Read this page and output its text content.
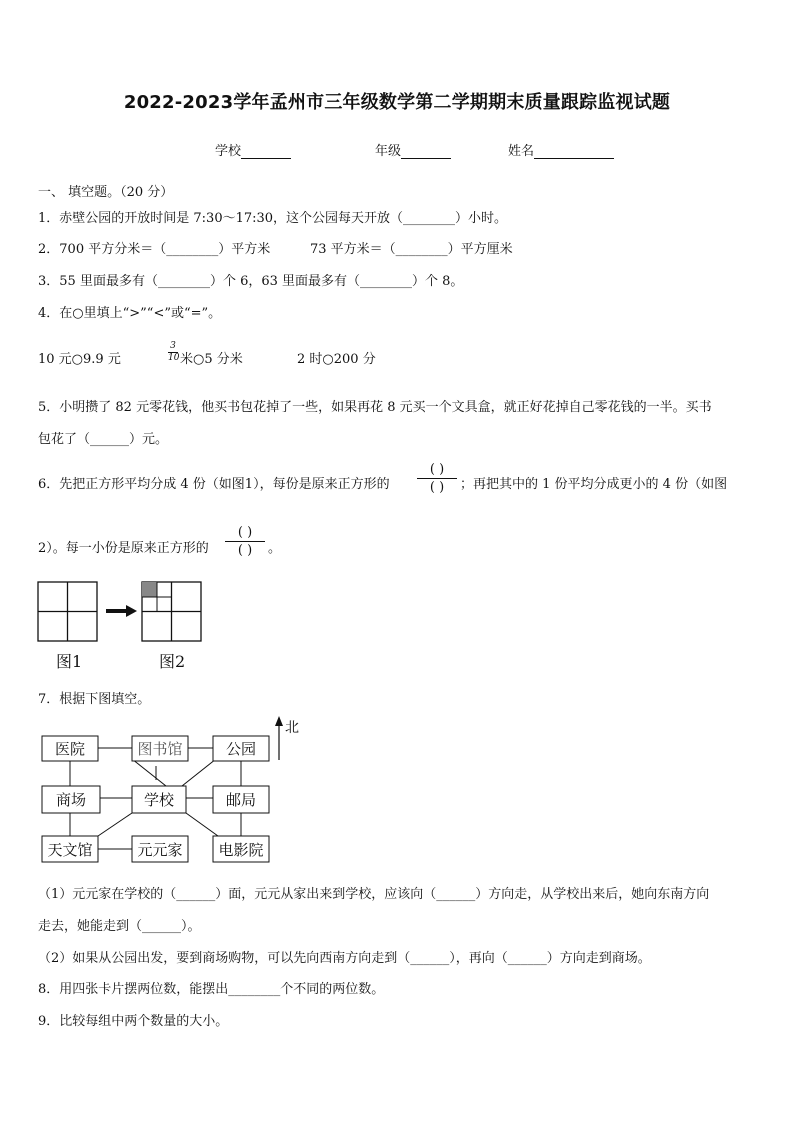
2022-2023学年孟州市三年级数学第二学期期末质量跟踪监视试题
学校	年级	姓名
一、 填空题。（20 分）
1．赤壁公园的开放时间是 7:30～17:30，这个公园每天开放（________）小时。
2．700 平方分米＝（________）平方米	73 平方米＝（________）平方厘米
3．55 里面最多有（________）个 6，63 里面最多有（________）个 8。
4．在○里填上“>”“<”或“=”。
10 元○9.9 元
3
10 米○5 分米	2 时○200 分
5．小明攒了 82 元零花钱，他买书包花掉了一些，如果再花 8 元买一个文具盒，就正好花掉自己零花钱的一半。买书
包花了（______）元。
6．先把正方形平均分成 4 份（如图1），每份是原来正方形的
( )
( )	；再把其中的 1 份平均分成更小的 4 份（如图
2）。每一小份是原来正方形的
( )
( )	。
图1	图2
7．根据下图填空。
医院	图书馆	公园
商场	学校	邮局
天文馆	元元家 电影院
北
（1）元元家在学校的（______）面，元元从家出来到学校，应该向（______）方向走，从学校出来后，她向东南方向
走去，她能走到（______）。
（2）如果从公园出发，要到商场购物，可以先向西南方向走到（______），再向（______）方向走到商场。
8．用四张卡片摆两位数，能摆出________个不同的两位数。
9．比较每组中两个数量的大小。
